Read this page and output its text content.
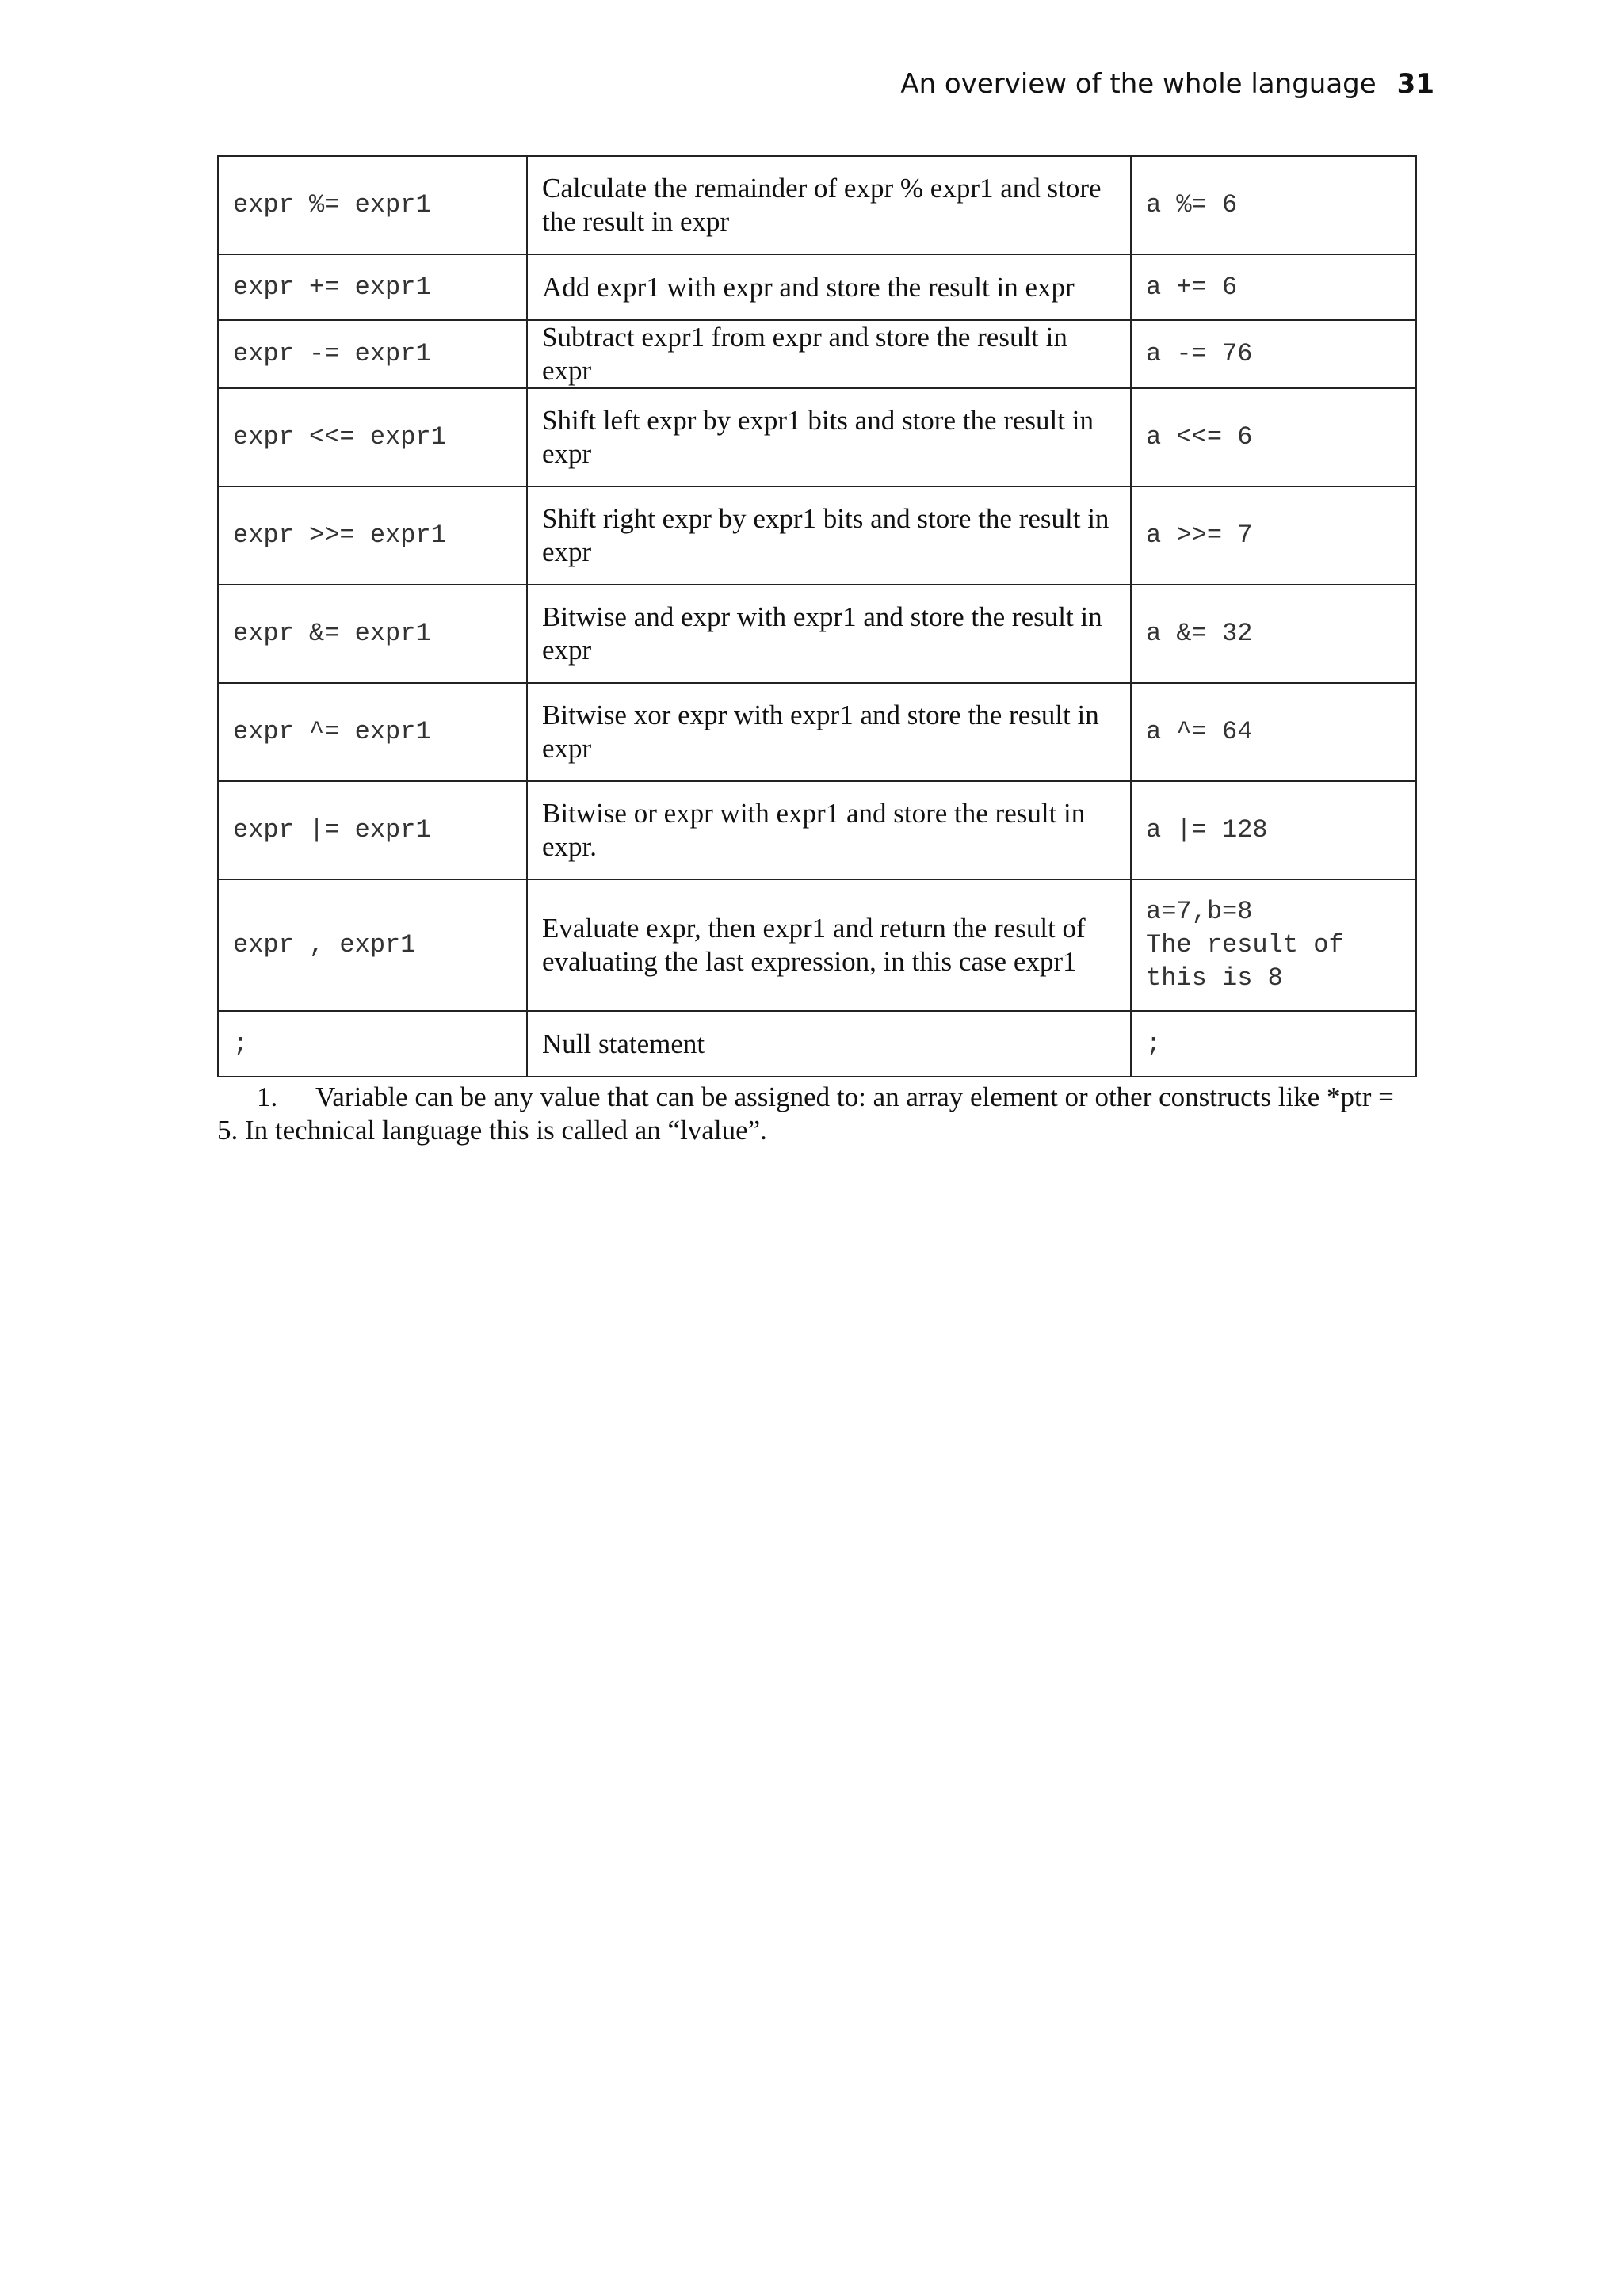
An overview of the whole language 31
expr %= expr1	Calculate the remainder of expr % expr1 and store the result in expr	a %= 6
expr += expr1	Add expr1 with expr and store the result in expr	a += 6
expr -= expr1	Subtract expr1 from expr and store the result in expr	a -= 76
expr <<= expr1	Shift left expr by expr1 bits and store the result in expr	a <<= 6
expr >>= expr1	Shift right expr by expr1 bits and store the result in expr	a >>= 7
expr &= expr1	Bitwise and expr with expr1 and store the result in expr	a &= 32
expr ^= expr1	Bitwise xor expr with expr1 and store the result in expr	a ^= 64
expr |= expr1	Bitwise or expr with expr1 and store the result in expr.	a |= 128
expr , expr1	Evaluate expr, then expr1 and return the result of evaluating the last expression, in this case expr1	a=7,b=8
The result of
this is 8
;	Null statement	;
1. Variable can be any value that can be assigned to: an array element or other constructs like *ptr =
5. In technical language this is called an “lvalue”.
